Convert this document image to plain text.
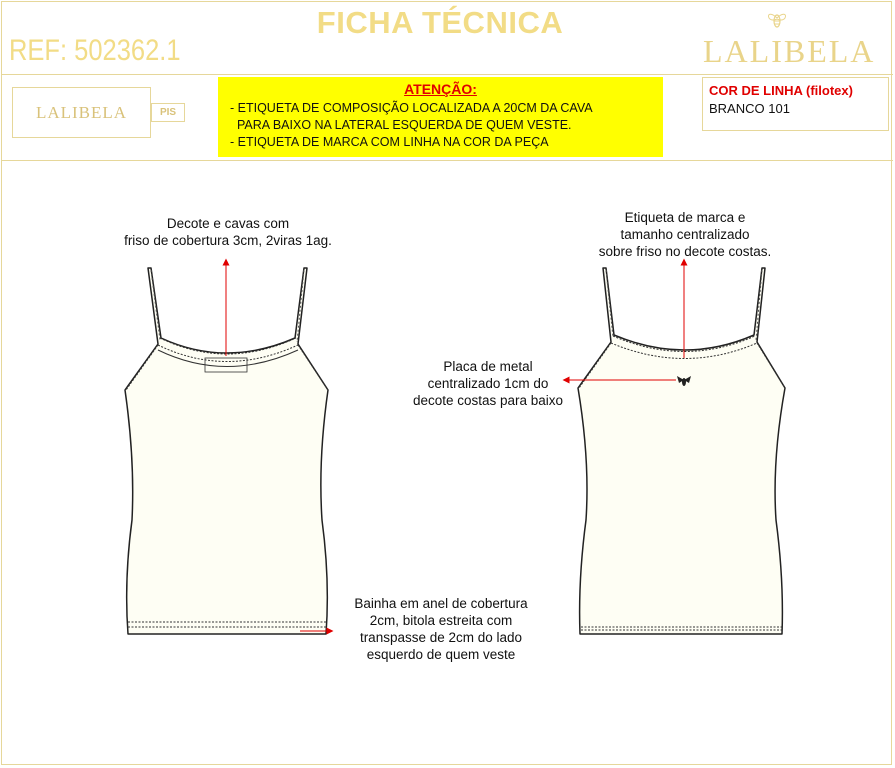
FICHA TÉCNICA
REF: 502362.1	LALIBELA
LALIBELA	PIS
ATENÇÃO:
- ETIQUETA DE COMPOSIÇÃO LOCALIZADA A 20CM DA CAVA
PARA BAIXO NA LATERAL ESQUERDA DE QUEM VESTE.
- ETIQUETA DE MARCA COM LINHA NA COR DA PEÇA
COR DE LINHA (filotex)
BRANCO 101
Decote e cavas com
friso de cobertura 3cm, 2viras 1ag.
Bainha em anel de cobertura
2cm, bitola estreita com
transpasse de 2cm do lado
esquerdo de quem veste
Etiqueta de marca e
tamanho centralizado
sobre friso no decote costas.
Placa de metal
centralizado 1cm do
decote costas para baixo
